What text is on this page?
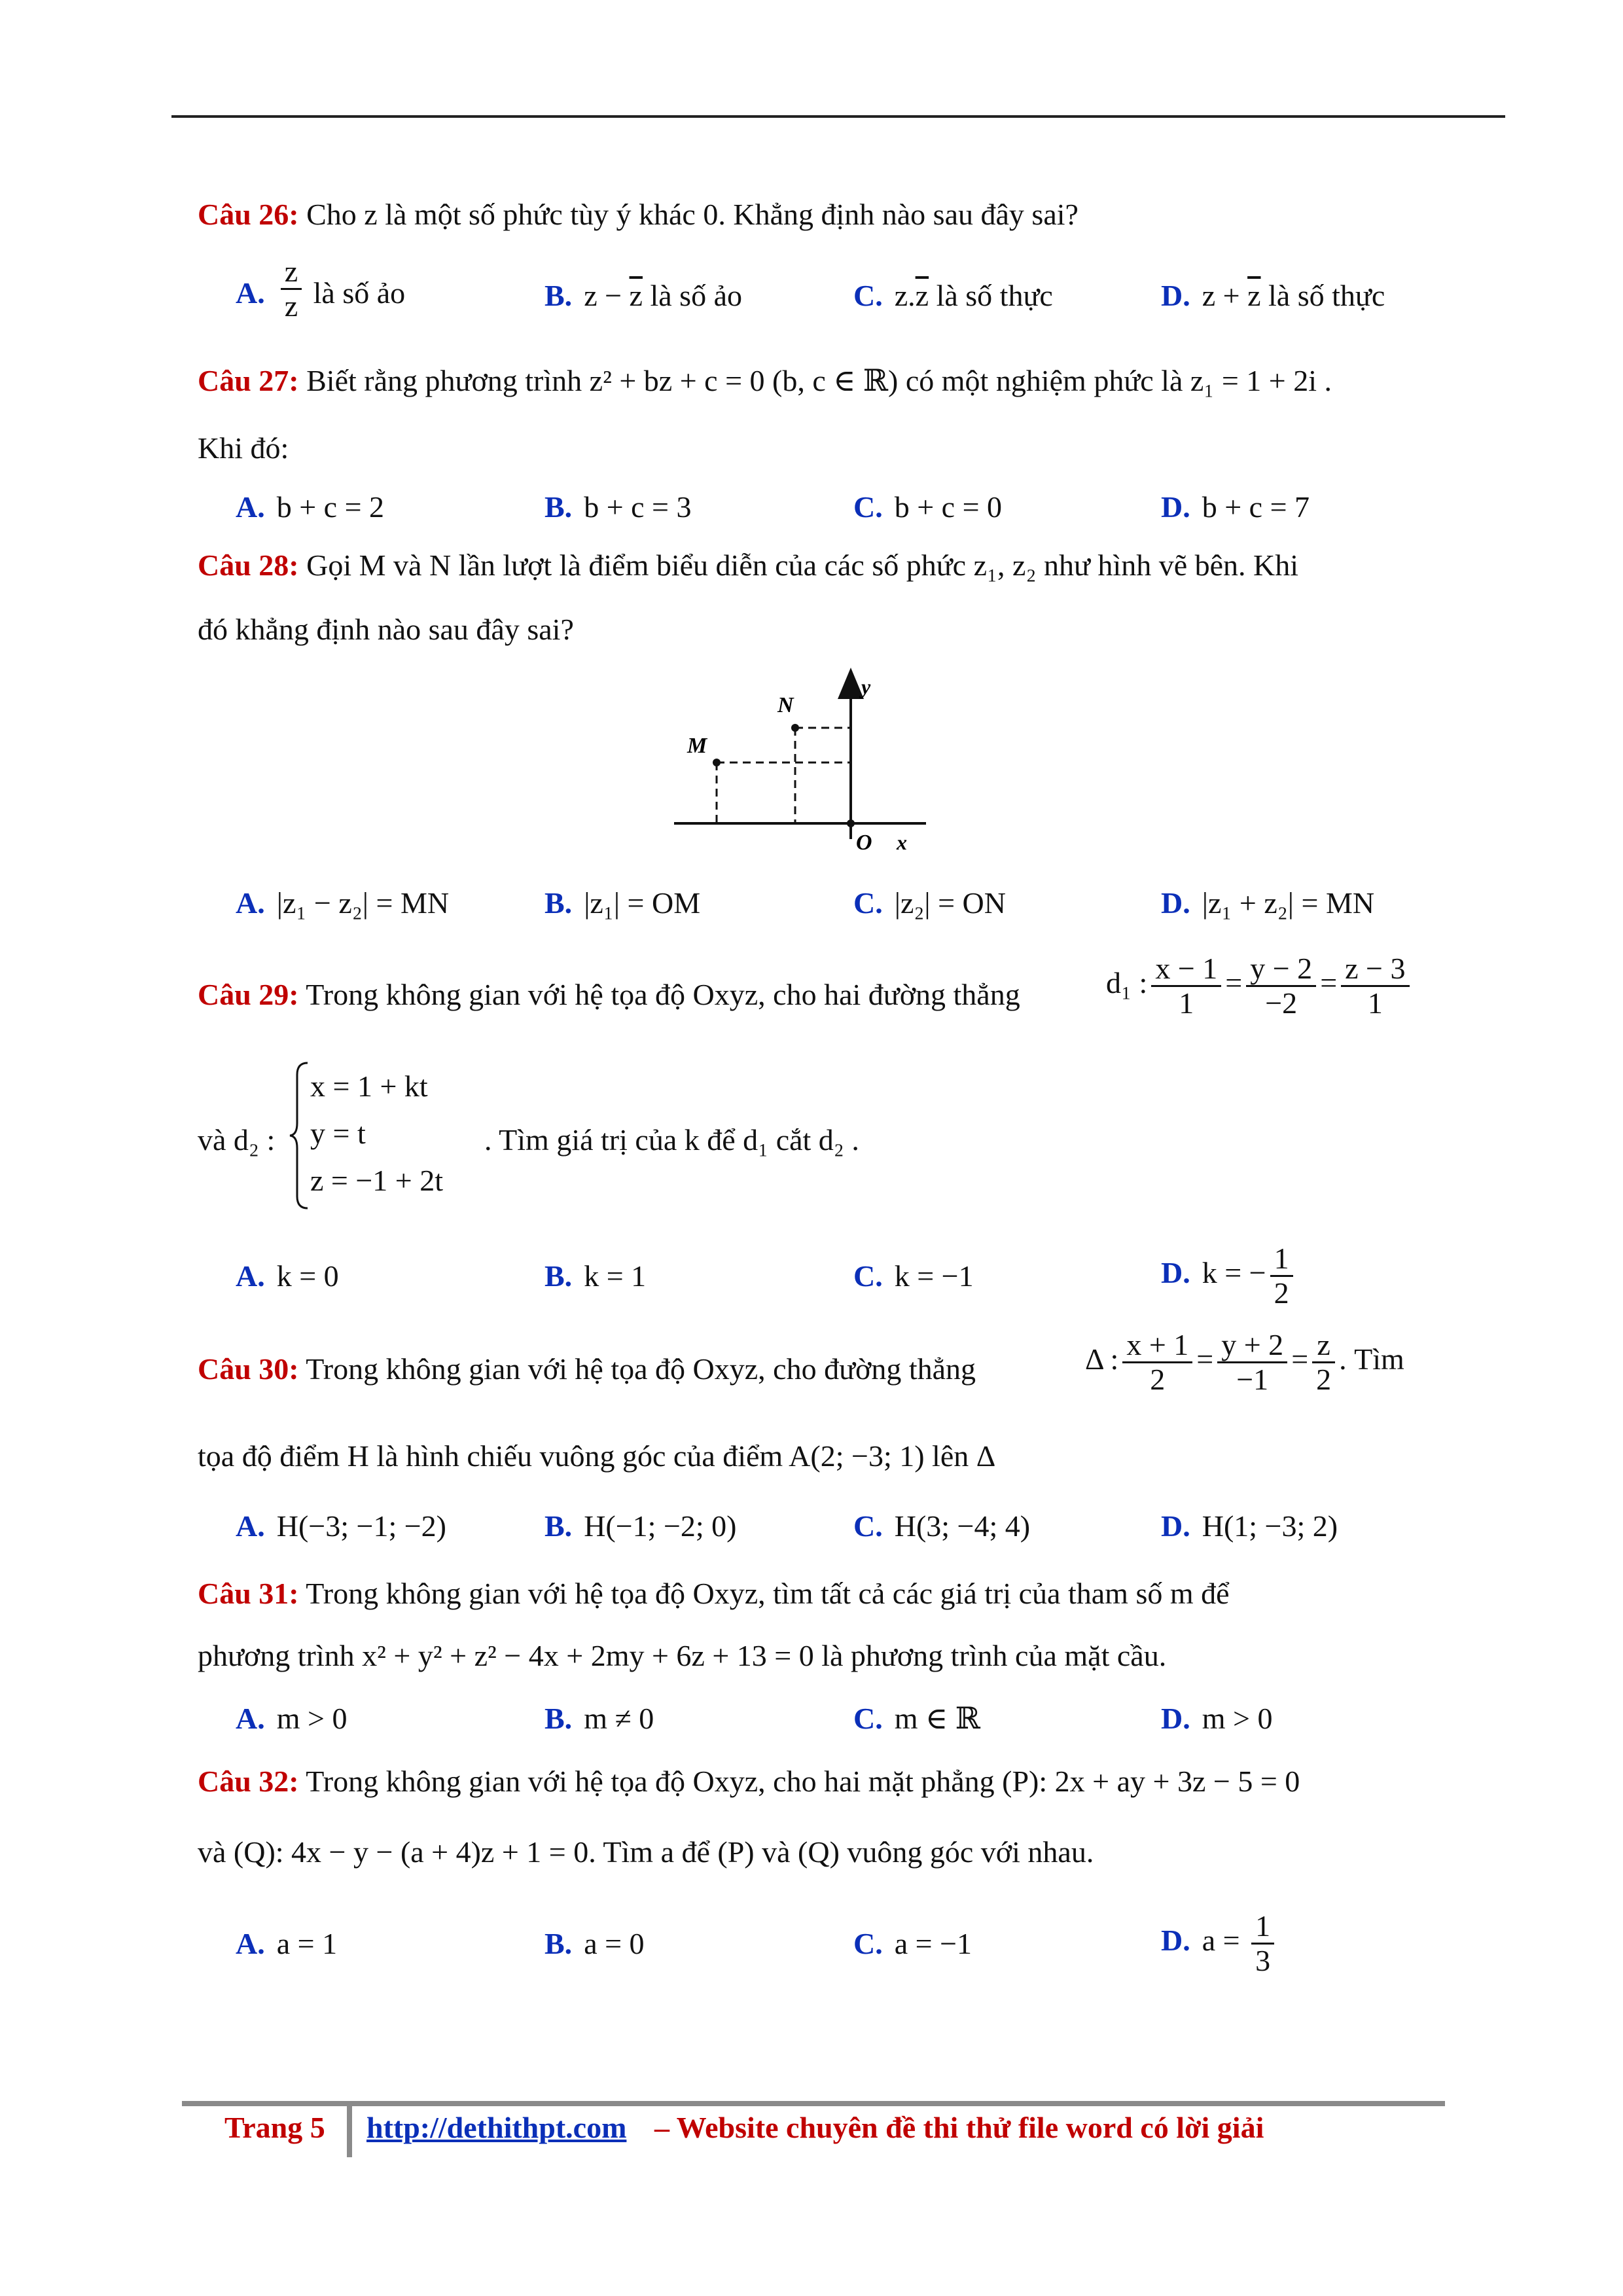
Câu 26: Cho z là một số phức tùy ý khác 0. Khẳng định nào sau đây sai?
A. $\frac{z}{z}$ là số ảo	B. $z - \overline{z}$ là số ảo	C. $z.\overline{z}$ là số thực	D. $z + \overline{z}$ là số thực
Câu 27: Biết rằng phương trình z² + bz + c = 0 (b, c ∈ ℝ) có một nghiệm phức là z₁ = 1 + 2i .
Khi đó:
A. b + c = 2	B. b + c = 3	C. b + c = 0	D. b + c = 7
Câu 28: Gọi M và N lần lượt là điểm biểu diễn của các số phức z₁, z₂ như hình vẽ bên. Khi
đó khẳng định nào sau đây sai?
M
N
O x
y
A. |z₁ − z₂| = MN	B. |z₁| = OM	C. |z₂| = ON	D. |z₁ + z₂| = MN
Câu 29: Trong không gian với hệ tọa độ Oxyz, cho hai đường thẳng	d₁ : $\frac{x - 1}{1} = \frac{y - 2}{-2} = \frac{z - 3}{1}$
và d₂ :
x = 1 + kt
y = t
z = −1 + 2t
. Tìm giá trị của k để d₁ cắt d₂ .
A. k = 0	B. k = 1	C. k = −1	D. k = − $\frac{1}{2}$
Câu 30: Trong không gian với hệ tọa độ Oxyz, cho đường thẳng	Δ : $\frac{x + 1}{2} = \frac{y + 2}{-1} = \frac{z}{2}$ . Tìm
tọa độ điểm H là hình chiếu vuông góc của điểm A(2; −3; 1) lên Δ
A. H(−3; −1; −2)	B. H(−1; −2; 0)	C. H(3; −4; 4)	D. H(1; −3; 2)
Câu 31: Trong không gian với hệ tọa độ Oxyz, tìm tất cả các giá trị của tham số m để
phương trình x² + y² + z² − 4x + 2my + 6z + 13 = 0 là phương trình của mặt cầu.
A. m > 0	B. m ≠ 0	C. m ∈ ℝ	D. m > 0
Câu 32: Trong không gian với hệ tọa độ Oxyz, cho hai mặt phẳng (P): 2x + ay + 3z − 5 = 0
và (Q): 4x − y − (a + 4)z + 1 = 0. Tìm a để (P) và (Q) vuông góc với nhau.
A. a = 1	B. a = 0	C. a = −1	D. $a = \frac{1}{3}$
Trang 5 http://dethithpt.com – Website chuyên đề thi thử file word có lời giải
